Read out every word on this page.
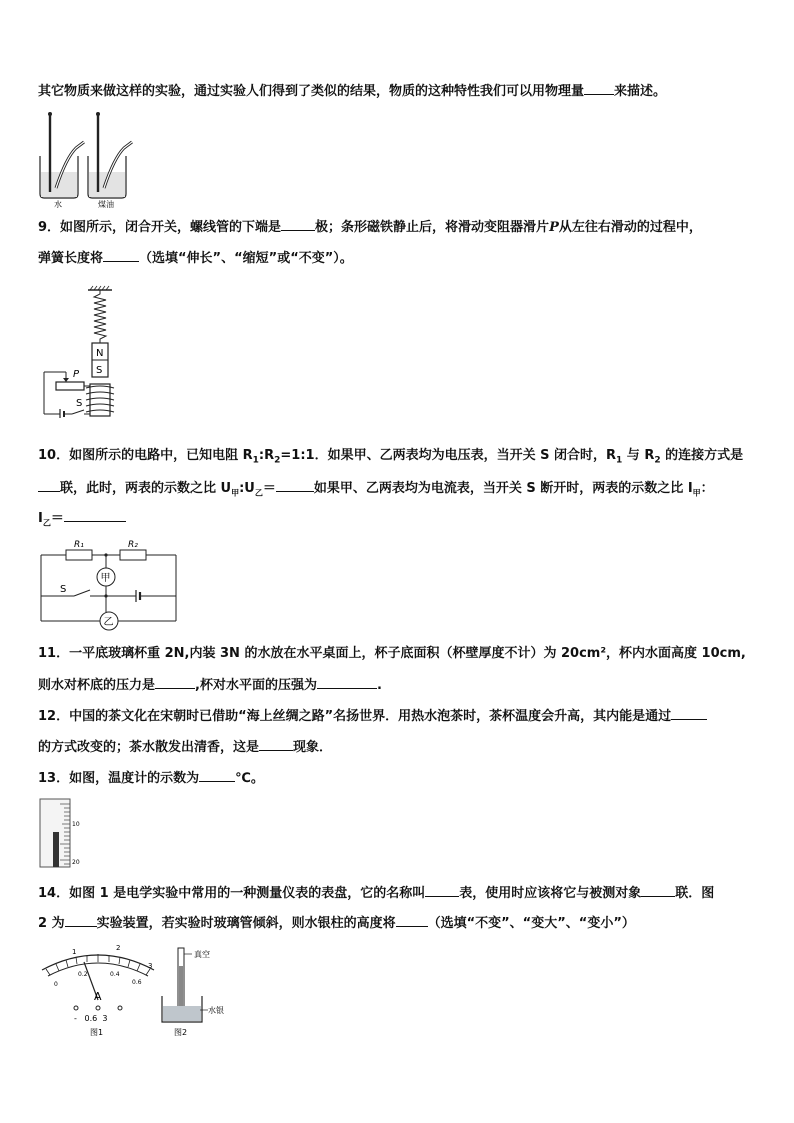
其它物质来做这样的实验，通过实验人们得到了类似的结果，物质的这种特性我们可以用物理量 来描述。
水	煤油
9．如图所示，闭合开关，螺线管的下端是	极；条形磁铁静止后，将滑动变阻器滑片P从左往右滑动的过程中，
弹簧长度将	（选填“伸长”、“缩短”或“不变”）。
N
S
P
S
10．如图所示的电路中，已知电阻 $R_1:R_2=1:1$．如果甲、乙两表均为电压表，当开关 S 闭合时，$R_1$ 与 $R_2$ 的连接方式是
联，此时，两表的示数之比 $U_甲:U_乙=$	如果甲、乙两表均为电流表，当开关 S 断开时，两表的示数之比 $I_甲$：
$I_乙=$
R₁	R₂
甲
S
乙
11．一平底玻璃杯重 2N,内装 3N 的水放在水平桌面上，杯子底面积（杯壁厚度不计）为 20cm²，杯内水面高度 10cm,
则水对杯底的压力是	,杯对水平面的压强为	.
12．中国的茶文化在宋朝时已借助“海上丝绸之路”名扬世界．用热水泡茶时，茶杯温度会升高，其内能是通过
的方式改变的；茶水散发出清香，这是	现象．
13．如图，温度计的示数为	℃。
10
20
14．如图 1 是电学实验中常用的一种测量仪表的表盘，它的名称叫	表，使用时应该将它与被测对象	联．图
2 为 实验装置，若实验时玻璃管倾斜，则水银柱的高度将 （选填“不变”、“变大”、“变小”）
1	2
3
0
0.2	0.4
0.6
A
-   0.6  3
图1
真空
水银
图2
